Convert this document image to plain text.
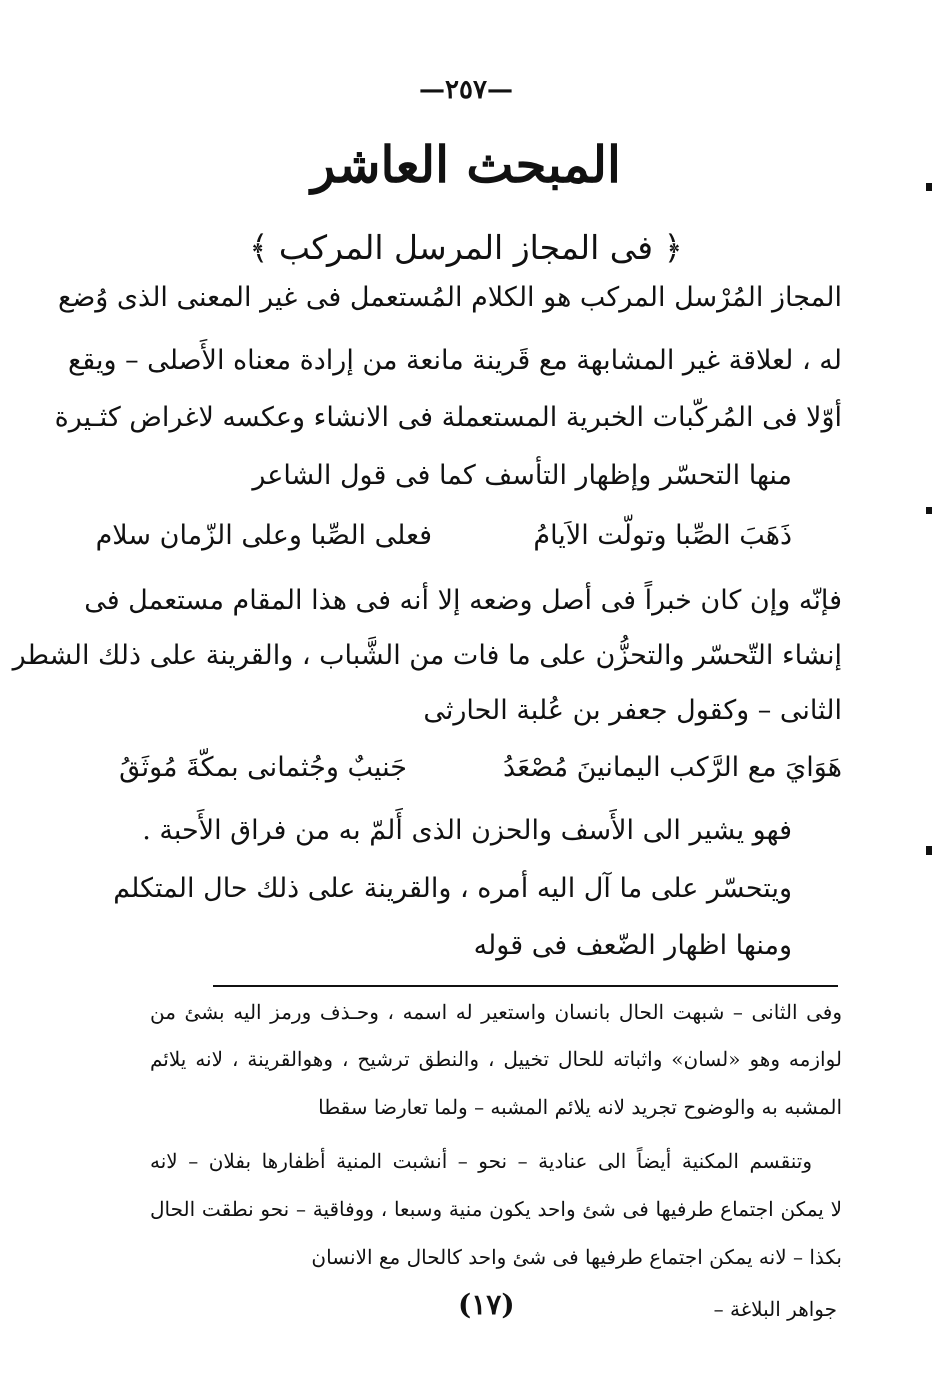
—٢٥٧—
المبحث العاشر
﴿ فى المجاز المرسل المركب ﴾
المجاز المُرْسل المركب هو الكلام المُستعمل فى غير المعنى الذى وُضع
له ، لعلاقة غير المشابهة مع قَرينة مانعة من إرادة معناه الأَصلى – ويقع
أوّلا فى المُركّبات الخبرية المستعملة فى الانشاء وعكسه لاغراض كثـيرة
منها التحسّر وإظهار التأسف كما فى قول الشاعر
ذَهَبَ الصِّبا وتولّت الاَيامُ
فعلى الصِّبا وعلى الزّمان سلام
فإنّه وإن كان خبراً فى أصل وضعه إلا أنه فى هذا المقام مستعمل فى
إنشاء التّحسّر والتحزُّن على ما فات من الشَّباب ، والقرينة على ذلك الشطر
الثانى – وكقول جعفر بن عُلبة الحارثى
هَوَايَ مع الرَّكب اليمانينَ مُصْعَدُ
جَنيبٌ وجُثمانى بمكّةَ مُوثَقُ
فهو يشير الى الأَسف والحزن الذى أَلمّ به من فراق الأَحبة .
ويتحسّر على ما آل اليه أمره ، والقرينة على ذلك حال المتكلم
ومنها اظهار الضّعف فى قوله
وفى الثانى – شبهت الحال بانسان واستعير له اسمه ، وحـذف ورمز اليه بشئ من
لوازمه وهو «لسان» واثباته للحال تخييل ، والنطق ترشيح ، وهوالقرينة ، لانه يلائم
المشبه به والوضوح تجريد لانه يلائم المشبه – ولما تعارضا سقطا
وتنقسم المكنية أيضاً الى عنادية – نحو – أنشبت المنية أظفارها بفلان – لانه
لا يمكن اجتماع طرفيها فى شئ واحد يكون منية وسبعا ، ووفاقية – نحو نطقت الحال
بكذا – لانه يمكن اجتماع طرفيها فى شئ واحد كالحال مع الانسان
(١٧)	جواهر البلاغة –
